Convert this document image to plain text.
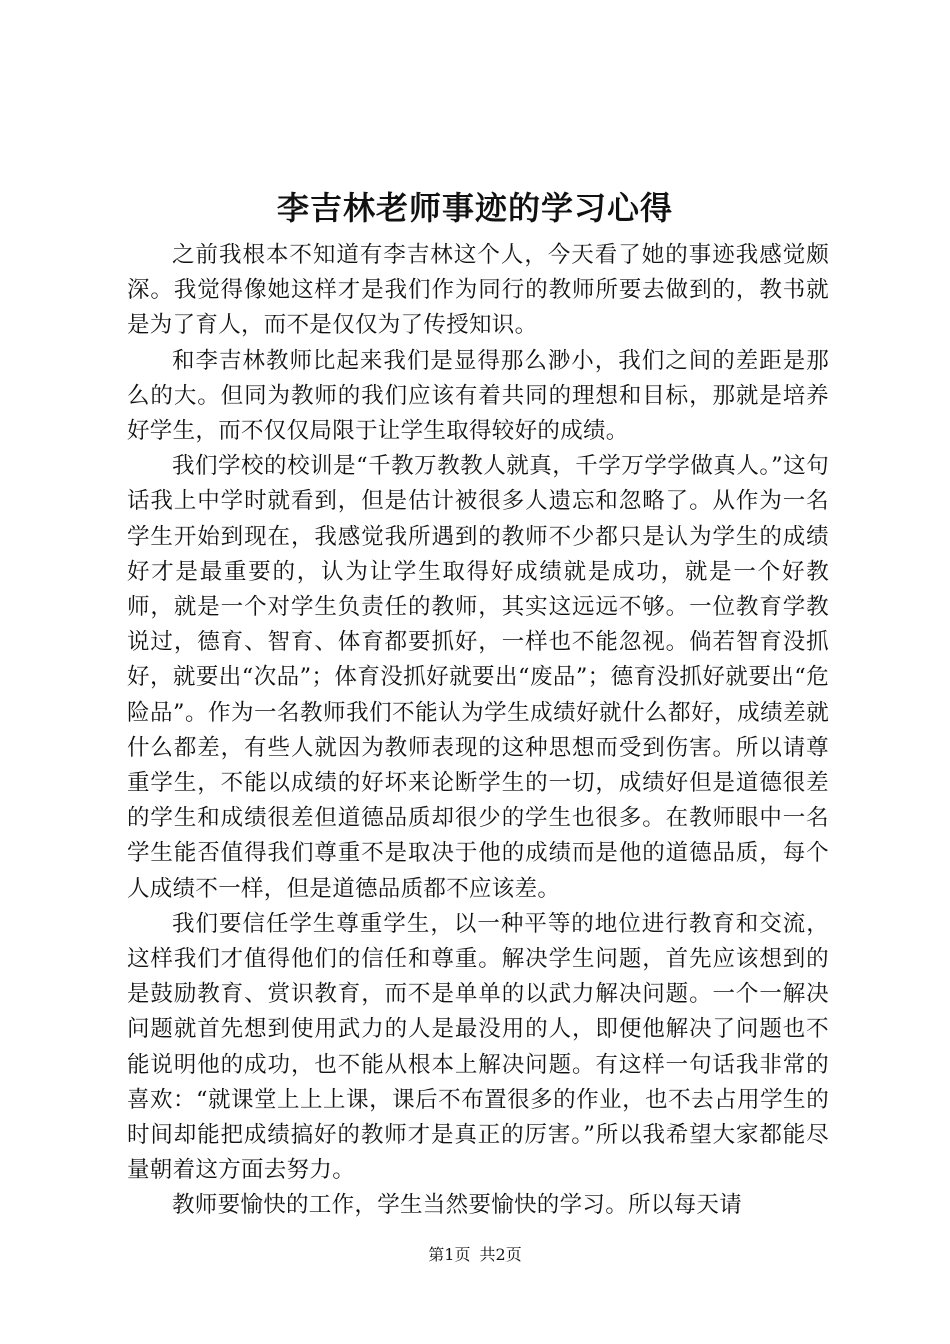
李吉林老师事迹的学习心得

之前我根本不知道有李吉林这个人，今天看了她的事迹我感觉颇深。我觉得像她这样才是我们作为同行的教师所要去做到的，教书就是为了育人，而不是仅仅为了传授知识。

和李吉林教师比起来我们是显得那么渺小，我们之间的差距是那么的大。但同为教师的我们应该有着共同的理想和目标，那就是培养好学生，而不仅仅局限于让学生取得较好的成绩。

我们学校的校训是“千教万教教人就真，千学万学学做真人。”这句话我上中学时就看到，但是估计被很多人遗忘和忽略了。从作为一名学生开始到现在，我感觉我所遇到的教师不少都只是认为学生的成绩好才是最重要的，认为让学生取得好成绩就是成功，就是一个好教师，就是一个对学生负责任的教师，其实这远远不够。一位教育学教说过，德育、智育、体育都要抓好，一样也不能忽视。倘若智育没抓好，就要出“次品”；体育没抓好就要出“废品”；德育没抓好就要出“危险品”。作为一名教师我们不能认为学生成绩好就什么都好，成绩差就什么都差，有些人就因为教师表现的这种思想而受到伤害。所以请尊重学生，不能以成绩的好坏来论断学生的一切，成绩好但是道德很差的学生和成绩很差但道德品质却很少的学生也很多。在教师眼中一名学生能否值得我们尊重不是取决于他的成绩而是他的道德品质，每个人成绩不一样，但是道德品质都不应该差。

我们要信任学生尊重学生，以一种平等的地位进行教育和交流，这样我们才值得他们的信任和尊重。解决学生问题，首先应该想到的是鼓励教育、赏识教育，而不是单单的以武力解决问题。一个一解决问题就首先想到使用武力的人是最没用的人，即便他解决了问题也不能说明他的成功，也不能从根本上解决问题。有这样一句话我非常的喜欢：“就课堂上上上课，课后不布置很多的作业，也不去占用学生的时间却能把成绩搞好的教师才是真正的厉害。”所以我希望大家都能尽量朝着这方面去努力。

教师要愉快的工作，学生当然要愉快的学习。所以每天请

第1页 共2页
